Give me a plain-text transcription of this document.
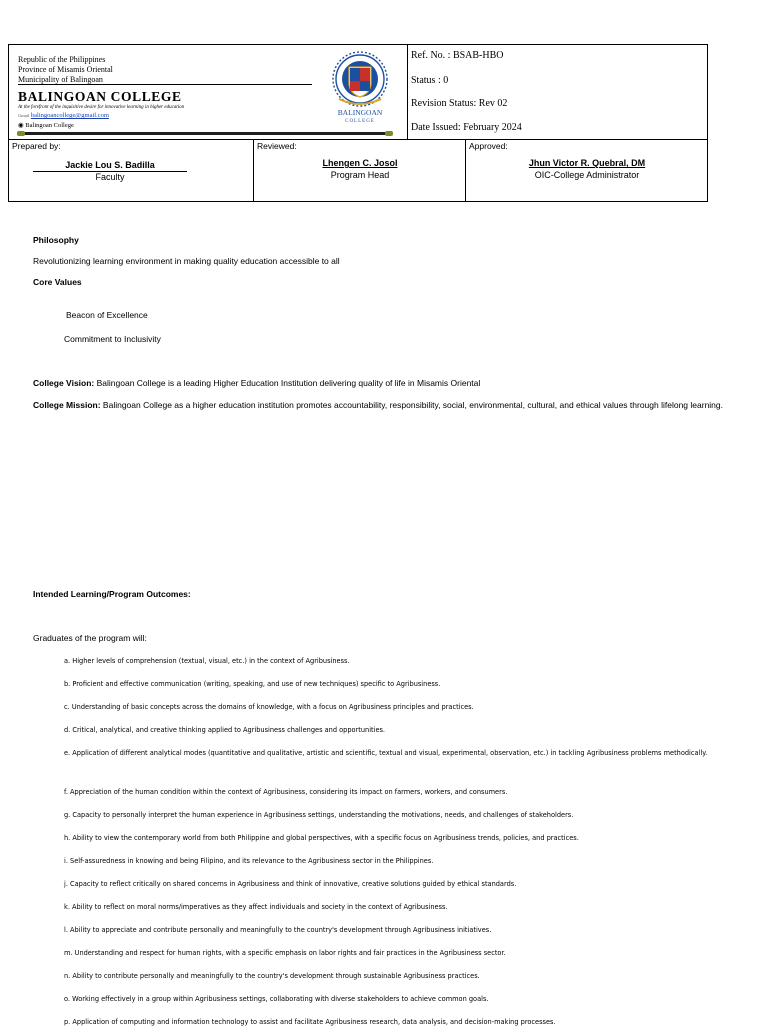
Republic of the Philippines
Province of Misamis Oriental
Municipality of Balingoan
BALINGOAN COLLEGE
At the forefront of the inquisitive desire for innovative learning in higher education
Gmail balingoancollege@gmail.com
◉ Balingoan College
BALINGOAN
COLLEGE
Ref. No. : BSAB-HBO
Status : 0
Revision Status: Rev 02
Date Issued: February 2024
Prepared by:
Jackie Lou S. Badilla
Faculty
Reviewed:
Lhengen C. Josol
Program Head
Approved:
Jhun Victor R. Quebral, DM
OIC-College Administrator
Philosophy
Revolutionizing learning environment in making quality education accessible to all
Core Values
Beacon of Excellence
Commitment to Inclusivity
College Vision: Balingoan College is a leading Higher Education Institution delivering quality of life in Misamis Oriental
College Mission: Balingoan College as a higher education institution promotes accountability, responsibility, social, environmental, cultural, and ethical values through lifelong learning.
Intended Learning/Program Outcomes:
Graduates of the program will:
a. Higher levels of comprehension (textual, visual, etc.) in the context of Agribusiness.
b. Proficient and effective communication (writing, speaking, and use of new techniques) specific to Agribusiness.
c. Understanding of basic concepts across the domains of knowledge, with a focus on Agribusiness principles and practices.
d. Critical, analytical, and creative thinking applied to Agribusiness challenges and opportunities.
e. Application of different analytical modes (quantitative and qualitative, artistic and scientific, textual and visual, experimental, observation, etc.) in tackling Agribusiness problems methodically.
f. Appreciation of the human condition within the context of Agribusiness, considering its impact on farmers, workers, and consumers.
g. Capacity to personally interpret the human experience in Agribusiness settings, understanding the motivations, needs, and challenges of stakeholders.
h. Ability to view the contemporary world from both Philippine and global perspectives, with a specific focus on Agribusiness trends, policies, and practices.
i. Self-assuredness in knowing and being Filipino, and its relevance to the Agribusiness sector in the Philippines.
j. Capacity to reflect critically on shared concerns in Agribusiness and think of innovative, creative solutions guided by ethical standards.
k. Ability to reflect on moral norms/imperatives as they affect individuals and society in the context of Agribusiness.
l. Ability to appreciate and contribute personally and meaningfully to the country's development through Agribusiness initiatives.
m. Understanding and respect for human rights, with a specific emphasis on labor rights and fair practices in the Agribusiness sector.
n. Ability to contribute personally and meaningfully to the country's development through sustainable Agribusiness practices.
o. Working effectively in a group within Agribusiness settings, collaborating with diverse stakeholders to achieve common goals.
p. Application of computing and information technology to assist and facilitate Agribusiness research, data analysis, and decision-making processes.
